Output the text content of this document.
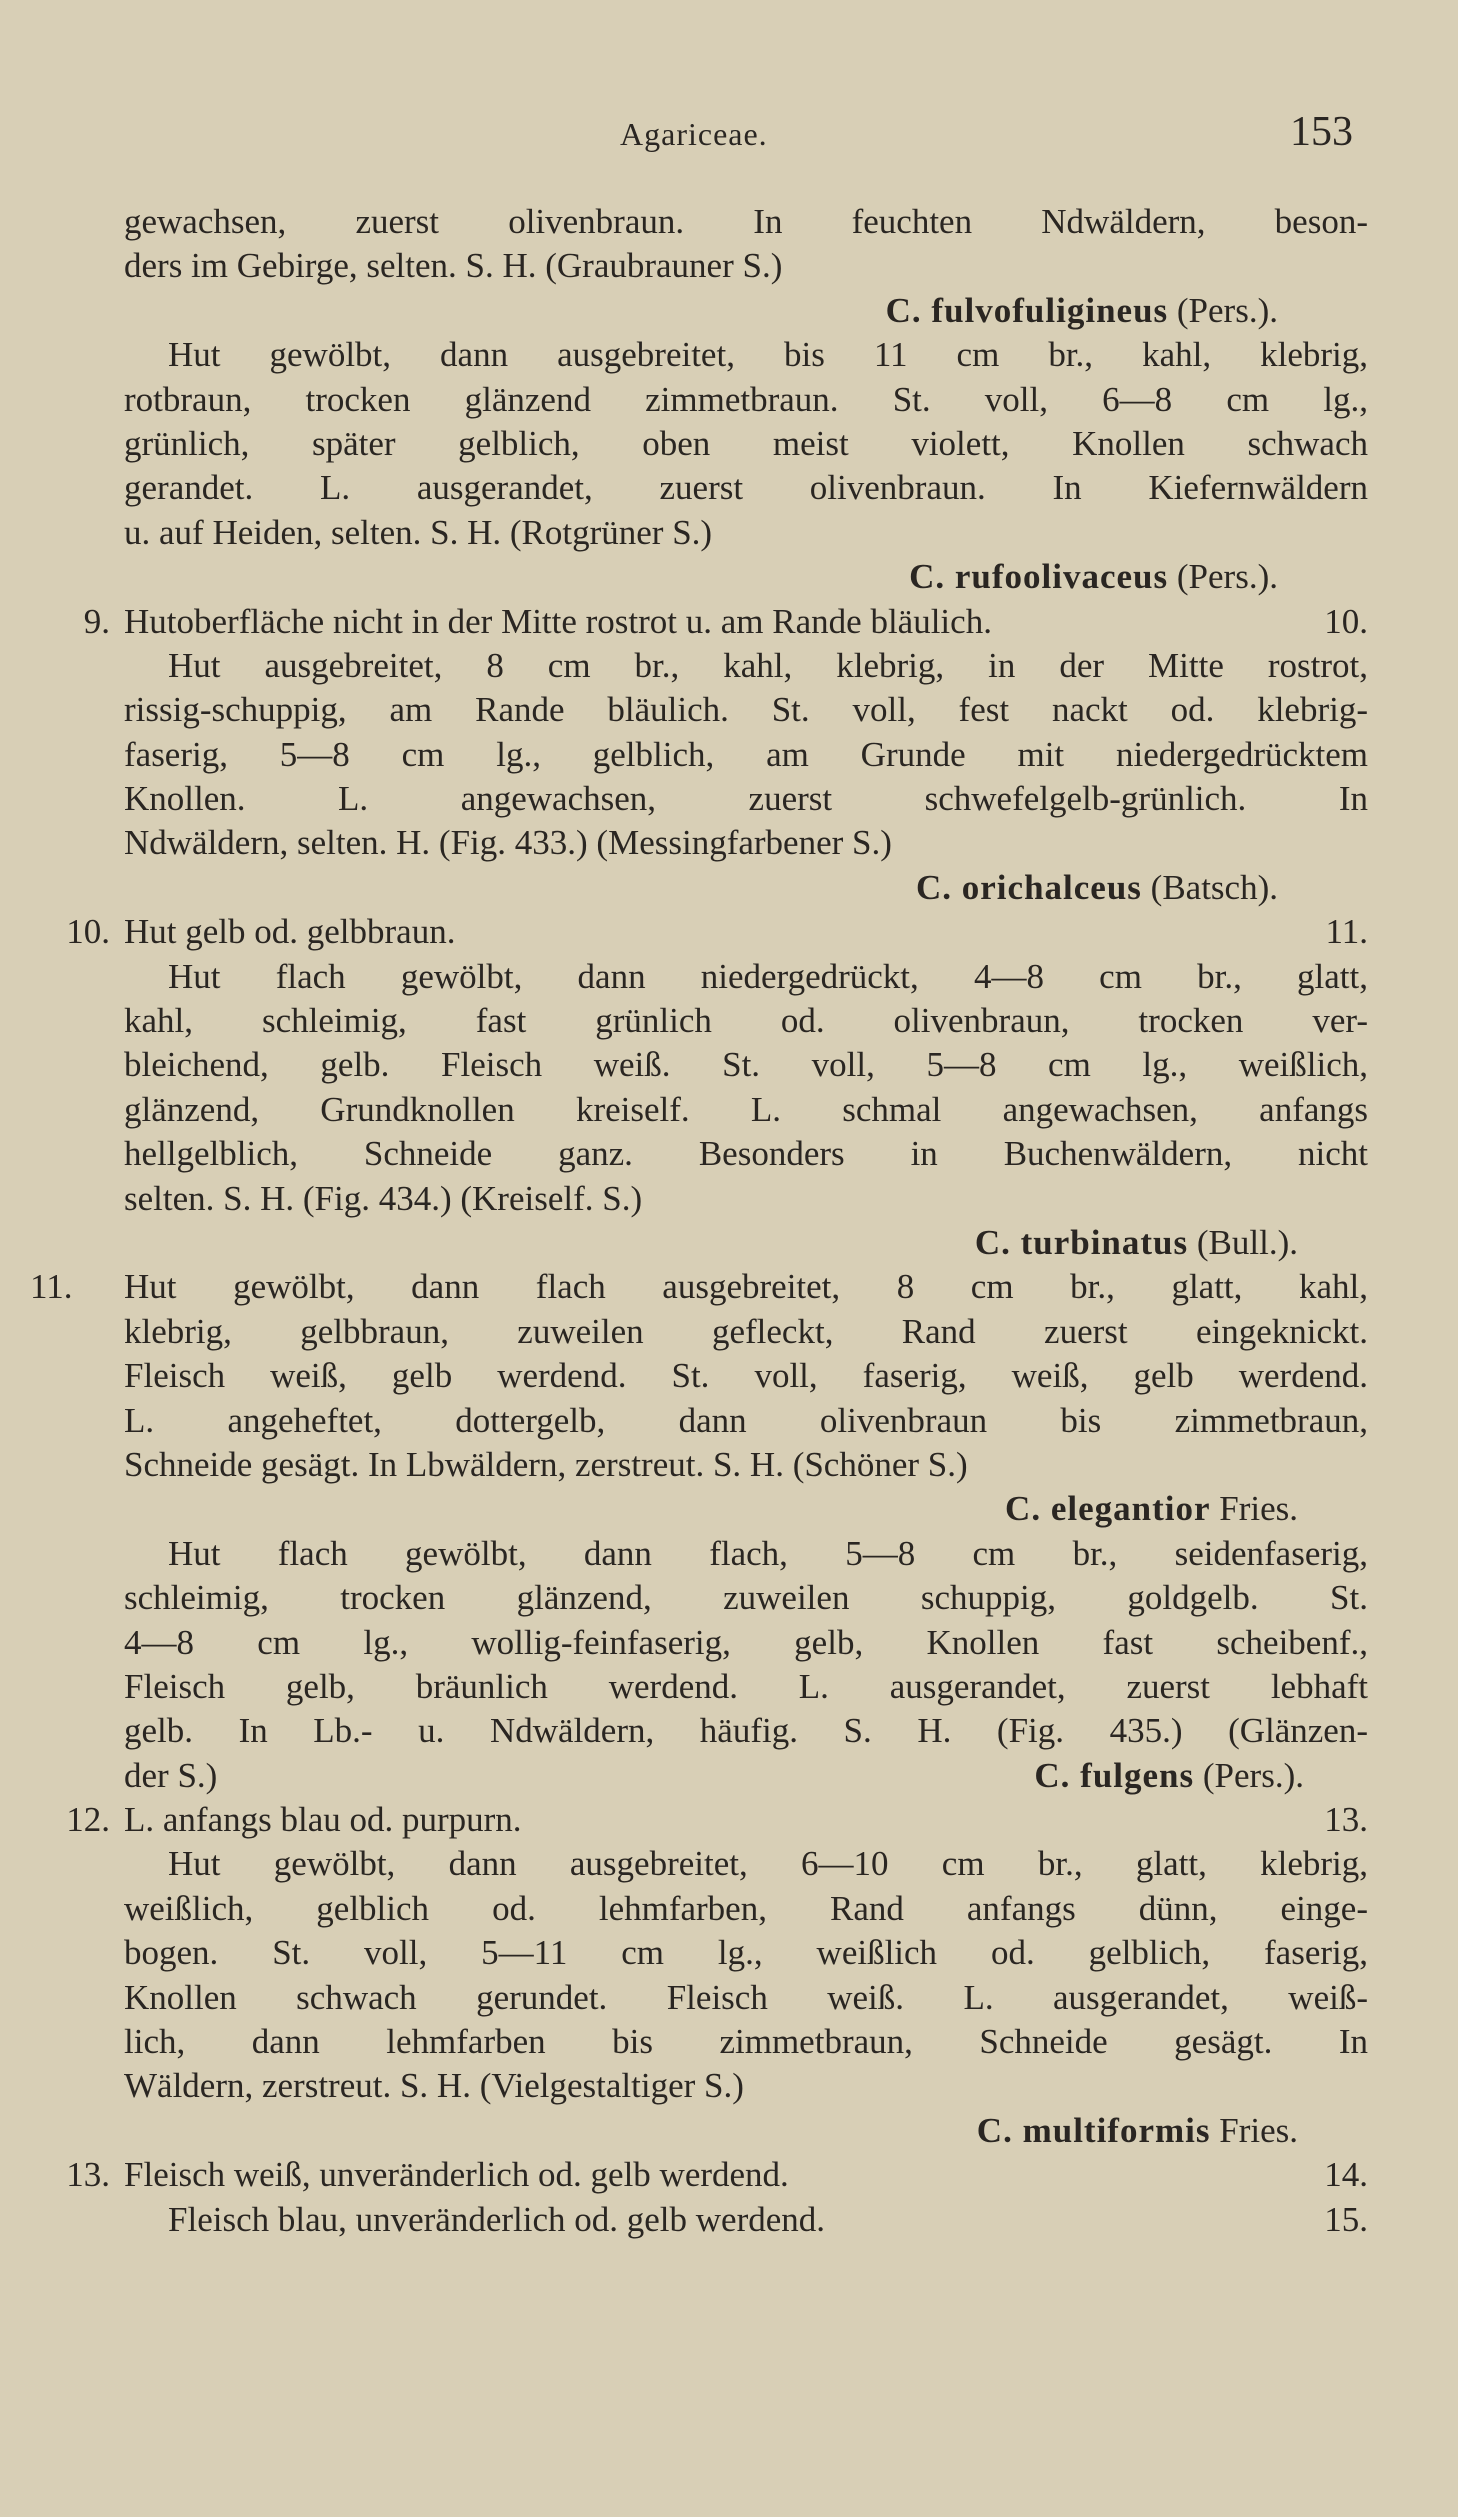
Agariceae.	153
gewachsen, zuerst olivenbraun. In feuchten Ndwäldern, beson-
ders im Gebirge, selten. S. H. (Graubrauner S.)
C. fulvofuligineus (Pers.).
Hut gewölbt, dann ausgebreitet, bis 11 cm br., kahl, klebrig,
rotbraun, trocken glänzend zimmetbraun. St. voll, 6—8 cm lg.,
grünlich, später gelblich, oben meist violett, Knollen schwach
gerandet. L. ausgerandet, zuerst olivenbraun. In Kiefernwäldern
u. auf Heiden, selten. S. H. (Rotgrüner S.)
C. rufoolivaceus (Pers.).
9. Hutoberfläche nicht in der Mitte rostrot u. am Rande bläulich.	10.
Hut ausgebreitet, 8 cm br., kahl, klebrig, in der Mitte rostrot,
rissig-schuppig, am Rande bläulich. St. voll, fest nackt od. klebrig-
faserig, 5—8 cm lg., gelblich, am Grunde mit niedergedrücktem
Knollen. L. angewachsen, zuerst schwefelgelb-grünlich. In
Ndwäldern, selten. H. (Fig. 433.) (Messingfarbener S.)
C. orichalceus (Batsch).
10. Hut gelb od. gelbbraun.	11.
Hut flach gewölbt, dann niedergedrückt, 4—8 cm br., glatt,
kahl, schleimig, fast grünlich od. olivenbraun, trocken ver-
bleichend, gelb. Fleisch weiß. St. voll, 5—8 cm lg., weißlich,
glänzend, Grundknollen kreiself. L. schmal angewachsen, anfangs
hellgelblich, Schneide ganz. Besonders in Buchenwäldern, nicht
selten. S. H. (Fig. 434.) (Kreiself. S.)
C. turbinatus (Bull.).
11.	Hut gewölbt, dann flach ausgebreitet, 8 cm br., glatt, kahl,
klebrig, gelbbraun, zuweilen gefleckt, Rand zuerst eingeknickt.
Fleisch weiß, gelb werdend. St. voll, faserig, weiß, gelb werdend.
L. angeheftet, dottergelb, dann olivenbraun bis zimmetbraun,
Schneide gesägt. In Lbwäldern, zerstreut. S. H. (Schöner S.)
C. elegantior Fries.
Hut flach gewölbt, dann flach, 5—8 cm br., seidenfaserig,
schleimig, trocken glänzend, zuweilen schuppig, goldgelb. St.
4—8 cm lg., wollig-feinfaserig, gelb, Knollen fast scheibenf.,
Fleisch gelb, bräunlich werdend. L. ausgerandet, zuerst lebhaft
gelb. In Lb.- u. Ndwäldern, häufig. S. H. (Fig. 435.) (Glänzen-
der S.)	C. fulgens (Pers.).
12. L. anfangs blau od. purpurn.	13.
Hut gewölbt, dann ausgebreitet, 6—10 cm br., glatt, klebrig,
weißlich, gelblich od. lehmfarben, Rand anfangs dünn, einge-
bogen. St. voll, 5—11 cm lg., weißlich od. gelblich, faserig,
Knollen schwach gerundet. Fleisch weiß. L. ausgerandet, weiß-
lich, dann lehmfarben bis zimmetbraun, Schneide gesägt. In
Wäldern, zerstreut. S. H. (Vielgestaltiger S.)
C. multiformis Fries.
13. Fleisch weiß, unveränderlich od. gelb werdend.	14.
Fleisch blau, unveränderlich od. gelb werdend.	15.
